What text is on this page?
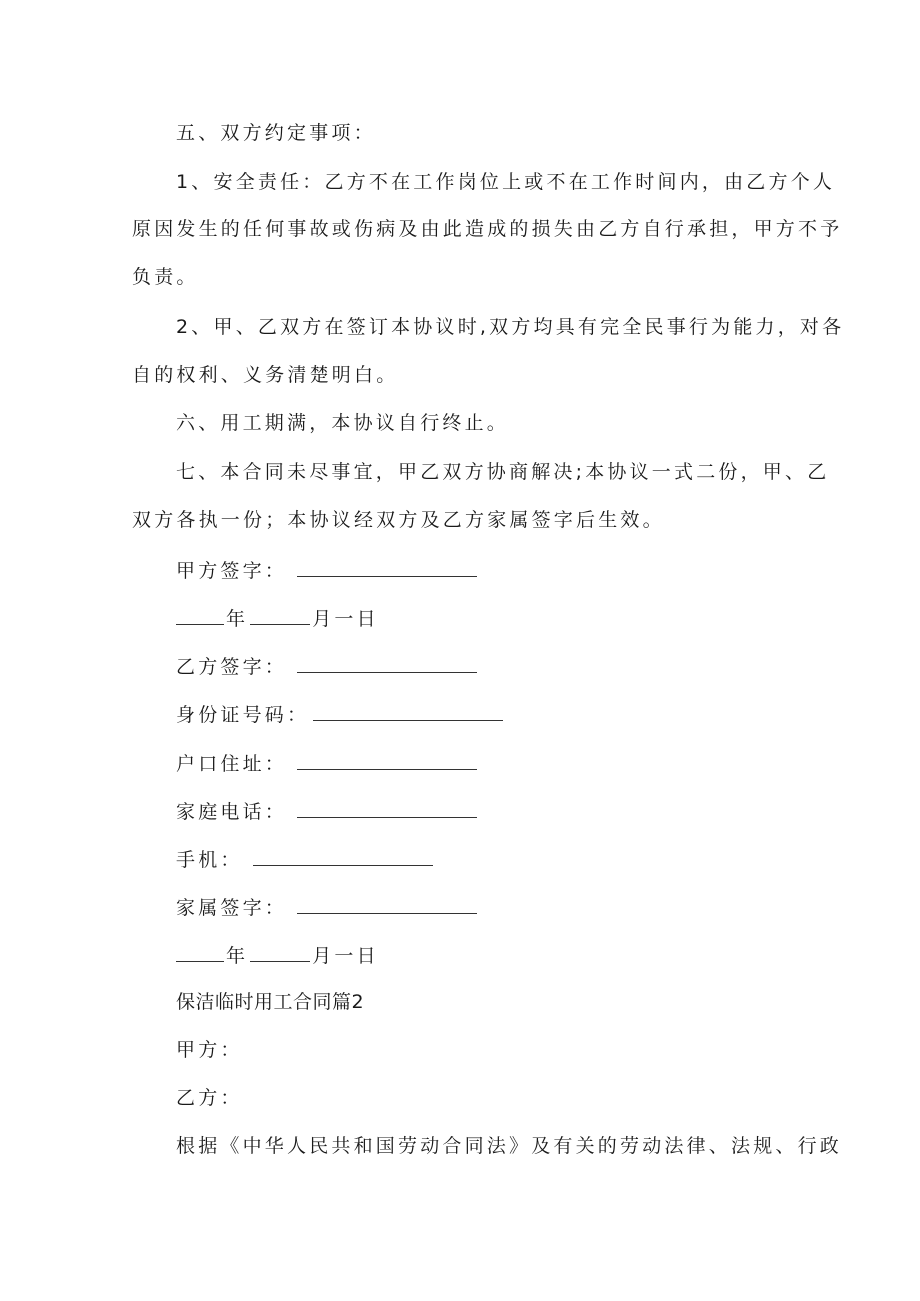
五、双方约定事项：
1、安全责任：乙方不在工作岗位上或不在工作时间内，由乙方个人
原因发生的任何事故或伤病及由此造成的损失由乙方自行承担，甲方不予
负责。
2、甲、乙双方在签订本协议时,双方均具有完全民事行为能力，对各
自的权利、义务清楚明白。
六、用工期满，本协议自行终止。
七、本合同未尽事宜，甲乙双方协商解决;本协议一式二份，甲、乙
双方各执一份；本协议经双方及乙方家属签字后生效。
甲方签字：
年	月一日
乙方签字：
身份证号码：
户口住址：
家庭电话：
手机：
家属签字：
年	月一日
保洁临时用工合同篇2
甲方：
乙方：
根据《中华人民共和国劳动合同法》及有关的劳动法律、法规、行政
